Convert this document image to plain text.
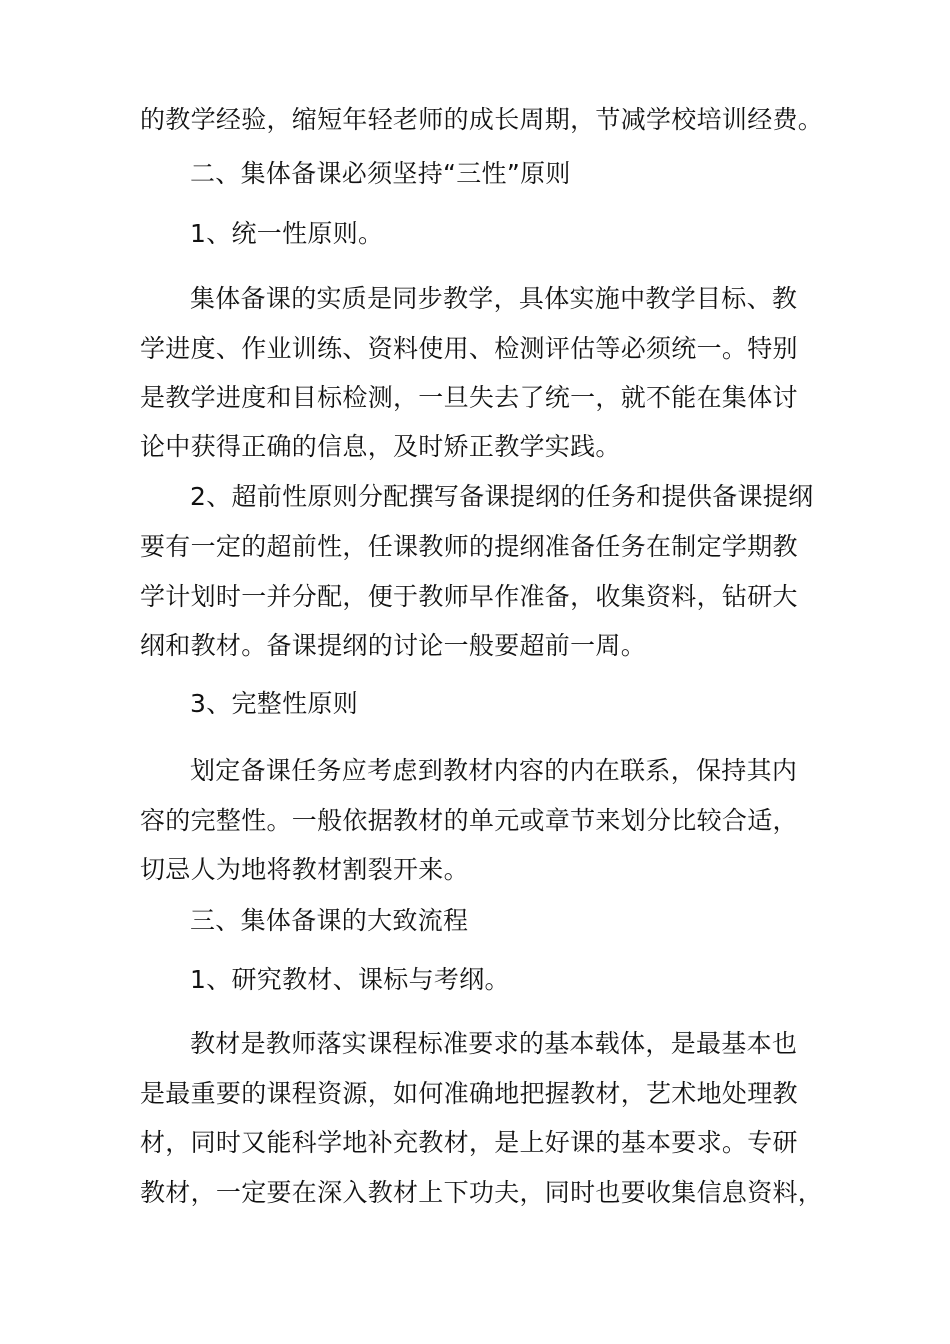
的教学经验，缩短年轻老师的成长周期，节减学校培训经费。
二、集体备课必须坚持“三性”原则
1、统一性原则。
集体备课的实质是同步教学，具体实施中教学目标、教
学进度、作业训练、资料使用、检测评估等必须统一。特别
是教学进度和目标检测，一旦失去了统一，就不能在集体讨
论中获得正确的信息，及时矫正教学实践。
2、超前性原则分配撰写备课提纲的任务和提供备课提纲
要有一定的超前性，任课教师的提纲准备任务在制定学期教
学计划时一并分配，便于教师早作准备，收集资料，钻研大
纲和教材。备课提纲的讨论一般要超前一周。
3、完整性原则
划定备课任务应考虑到教材内容的内在联系，保持其内
容的完整性。一般依据教材的单元或章节来划分比较合适，
切忌人为地将教材割裂开来。
三、集体备课的大致流程
1、研究教材、课标与考纲。
教材是教师落实课程标准要求的基本载体，是最基本也
是最重要的课程资源，如何准确地把握教材，艺术地处理教
材，同时又能科学地补充教材，是上好课的基本要求。专研
教材，一定要在深入教材上下功夫，同时也要收集信息资料，
